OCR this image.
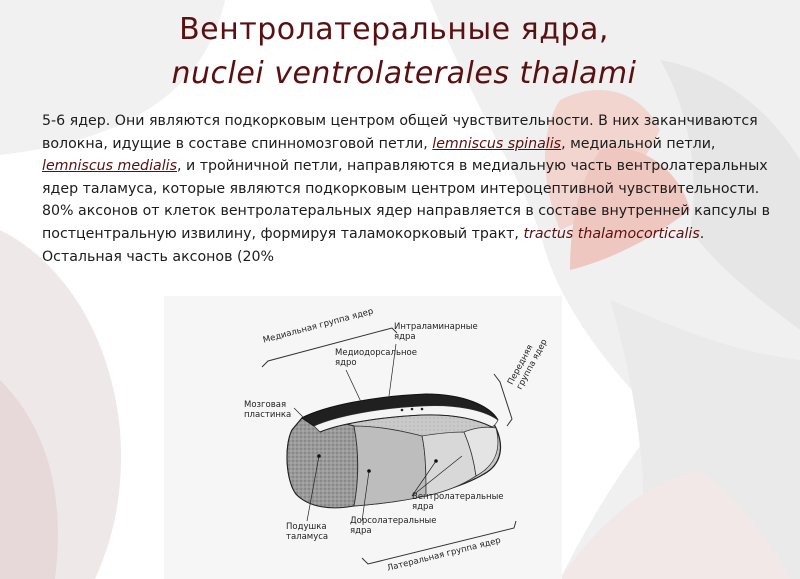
Вентролатеральные ядра,
nuclei ventrolaterales thalami

5-6 ядер. Они являются подкорковым центром общей чувствительности. В них заканчиваются волокна, идущие в составе спинномозговой петли, lemniscus spinalis, медиальной петли, lemniscus medialis, и тройничной петли, направляются в медиальную часть вентролатеральных ядер таламуса, которые являются подкорковым центром интероцептивной чувствительности. 80% аксонов от клеток вентролатеральных ядер направляется в составе внутренней капсулы в постцентральную извилину, формируя таламокорковый тракт, tractus thalamocorticalis. Остальная часть аксонов (20%

Медиальная группа ядер Интраламинарные
ядра
Медиодорсальное
ядро	Передняя
группа ядер
Мозговая
пластинка
Вентролатеральные
ядра
Подушка
таламуса
Дорсолатеральные
ядра
Латеральная группа ядер
